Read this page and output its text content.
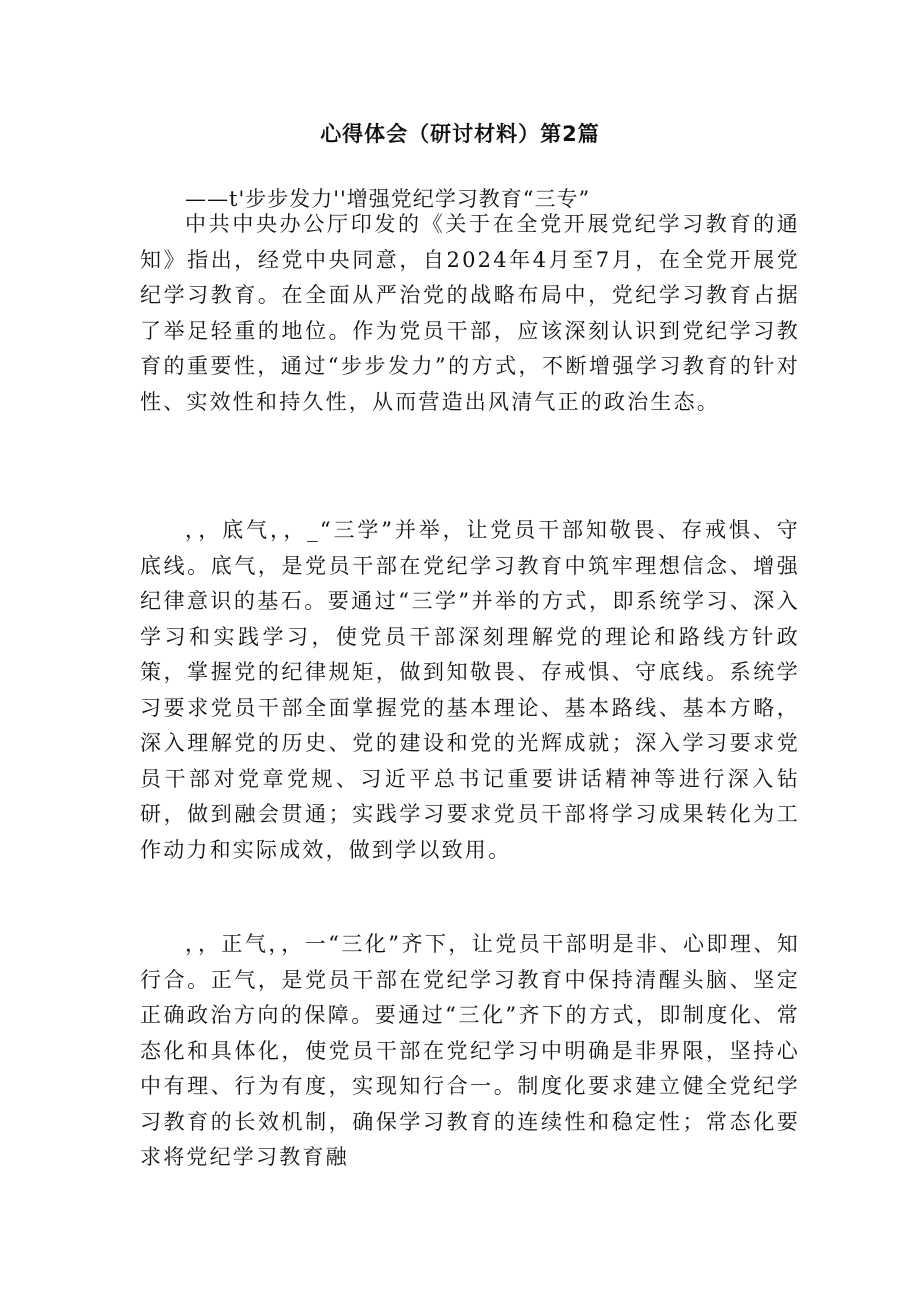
心得体会（研讨材料）第2篇
——t'步步发力''增强党纪学习教育“三专”

中共中央办公厅印发的《关于在全党开展党纪学习教育的通知》指出，经党中央同意，自2024年4月至7月，在全党开展党纪学习教育。在全面从严治党的战略布局中，党纪学习教育占据了举足轻重的地位。作为党员干部，应该深刻认识到党纪学习教育的重要性，通过“步步发力”的方式，不断增强学习教育的针对性、实效性和持久性，从而营造出风清气正的政治生态。

，，底气，，_“三学”并举，让党员干部知敬畏、存戒惧、守底线。底气，是党员干部在党纪学习教育中筑牢理想信念、增强纪律意识的基石。要通过“三学”并举的方式，即系统学习、深入学习和实践学习，使党员干部深刻理解党的理论和路线方针政策，掌握党的纪律规矩，做到知敬畏、存戒惧、守底线。系统学习要求党员干部全面掌握党的基本理论、基本路线、基本方略，深入理解党的历史、党的建设和党的光辉成就；深入学习要求党员干部对党章党规、习近平总书记重要讲话精神等进行深入钻研，做到融会贯通；实践学习要求党员干部将学习成果转化为工作动力和实际成效，做到学以致用。

，，正气，，一“三化”齐下，让党员干部明是非、心即理、知行合。正气，是党员干部在党纪学习教育中保持清醒头脑、坚定正确政治方向的保障。要通过“三化”齐下的方式，即制度化、常态化和具体化，使党员干部在党纪学习中明确是非界限，坚持心中有理、行为有度，实现知行合一。制度化要求建立健全党纪学习教育的长效机制，确保学习教育的连续性和稳定性；常态化要求将党纪学习教育融
